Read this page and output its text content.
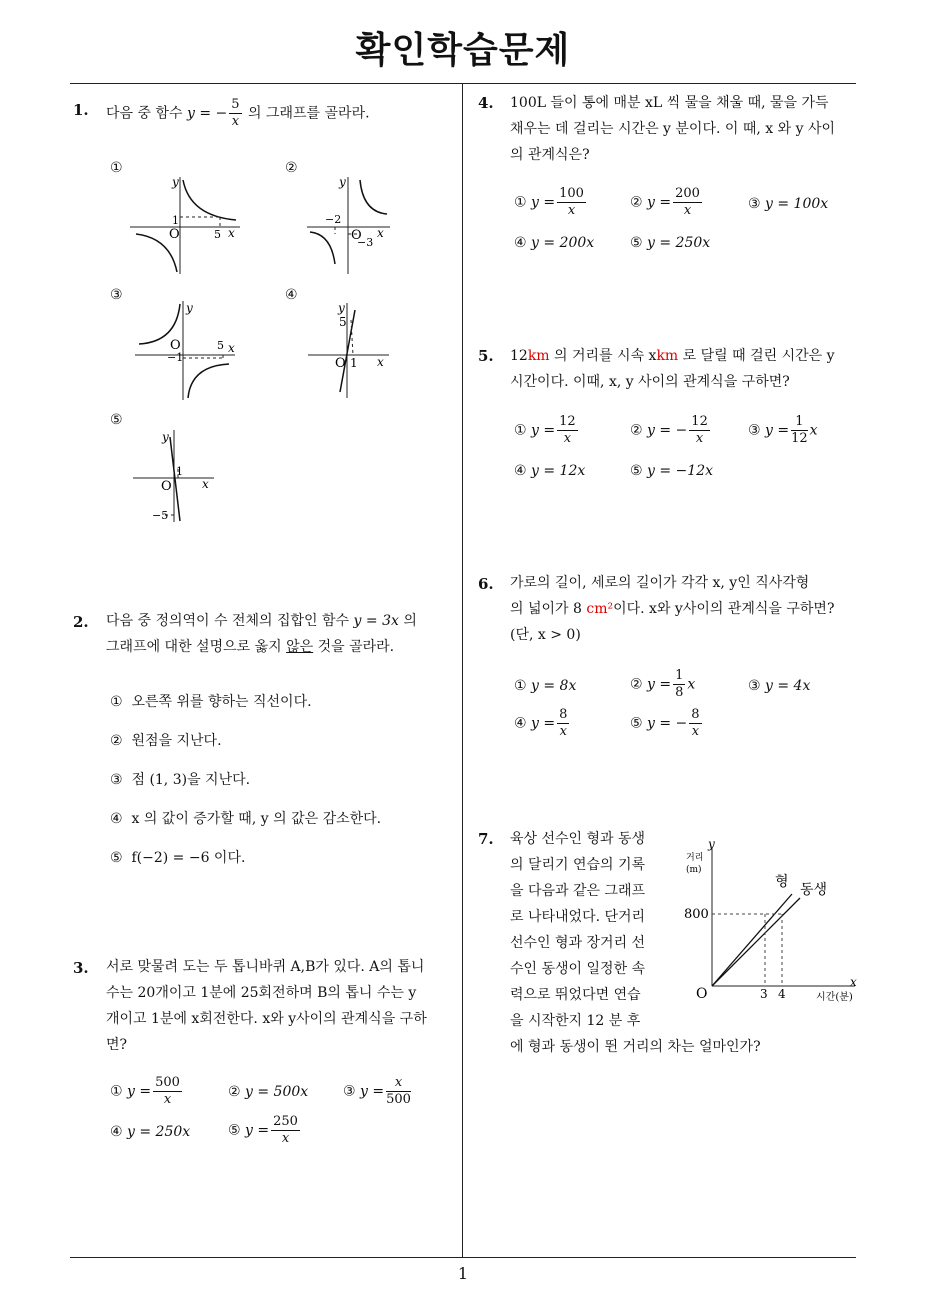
확인학습문제
1. 다음 중 함수 y = − $\frac{5}{x}$ 의 그래프를 골라라.
①	②
③	④
⑤
y
x
O
1
5
y
x
O
−2
−3
y
x
O
−1
5
y
x
O
5
1
y
x
O
1
−5
2. 다음 중 정의역이 수 전체의 집합인 함수 y = 3x 의
그래프에 대한 설명으로 옳지 않은 것을 골라라.
① 오른쪽 위를 향하는 직선이다.
② 원점을 지난다.
③ 점 (1, 3)을 지난다.
④ x 의 값이 증가할 때, y 의 값은 감소한다.
⑤ f(−2) = −6 이다.
3. 서로 맞물려 도는 두 톱니바퀴 A,B가 있다. A의 톱니
수는 20개이고 1분에 25회전하며 B의 톱니 수는 y
개이고 1분에 x회전한다. x와 y사이의 관계식을 구하
면?
① $y = \frac{500}{x}$	② y = 500x ③ $y = \frac{x}{500}$
④ y = 250x	⑤ $y = \frac{250}{x}$
4. 100L 들이 통에 매분 xL 씩 물을 채울 때, 물을 가득
채우는 데 걸리는 시간은 y 분이다. 이 때, x 와 y 사이
의 관계식은?
① $y = \frac{100}{x}$	② $y = \frac{200}{x}$	③ y = 100x
④ y = 200x	⑤ y = 250x
5. 12km 의 거리를 시속 xkm 로 달릴 때 걸린 시간은 y
시간이다. 이때, x, y 사이의 관계식을 구하면?
① $y = \frac{12}{x}$	② y = − $\frac{12}{x}$	③ $y = \frac{1}{12}$ x
④ y = 12x	⑤ y = −12x
6. 가로의 길이, 세로의 길이가 각각 x, y인 직사각형
의 넓이가 8 cm²이다. x와 y사이의 관계식을 구하면?
(단, x > 0)
① y = 8x	② $y = \frac{1}{8}$ x	③ y = 4x
④ $y = \frac{8}{x}$	⑤ y = − $\frac{8}{x}$
7. 육상 선수인 형과 동생
의 달리기 연습의 기록
을 다음과 같은 그래프
로 나타내었다. 단거리
선수인 형과 장거리 선
수인 동생이 일정한 속
력으로 뛰었다면 연습
을 시작한지 12 분 후
에 형과 동생이 뛴 거리의 차는 얼마인가?
y
거리
(m)
x
시간(분)
O
800
3 4
형 동생
1
